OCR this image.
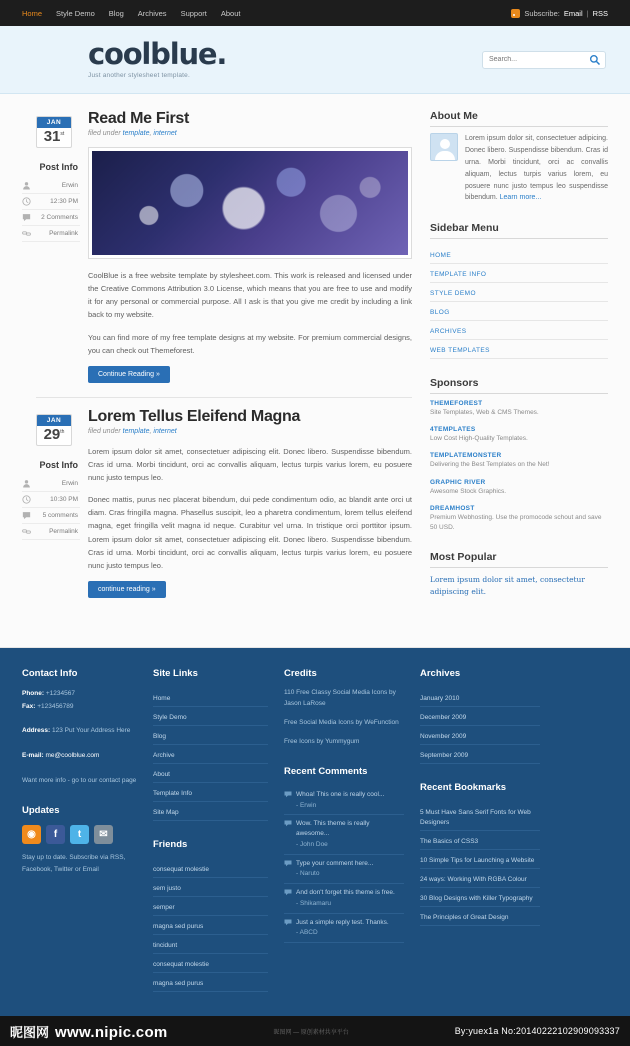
Home Style Demo Blog Archives Support About	Subscribe: Email | RSS
coolblue.
Just another stylesheet template.
Search...
JAN
31st
Post Info
Erwin
12:30 PM
2 Comments
Permalink
Read Me First
filed under template, internet

CoolBlue is a free website template by stylesheet.com. This work is released and licensed under the Creative Commons Attribution 3.0 License, which means that you are free to use and modify it for any personal or commercial purpose. All I ask is that you give me credit by including a link back to my website.

You can find more of my free template designs at my website. For premium commercial designs, you can check out Themeforest.

Continue Reading »
JAN
29th
Post Info
Erwin
10:30 PM
5 comments
Permalink
Lorem Tellus Eleifend Magna
filed under template, internet

Lorem ipsum dolor sit amet, consectetuer adipiscing elit. Donec libero. Suspendisse bibendum. Cras id urna. Morbi tincidunt, orci ac convallis aliquam, lectus turpis varius lorem, eu posuere nunc justo tempus leo.

Donec mattis, purus nec placerat bibendum, dui pede condimentum odio, ac blandit ante orci ut diam. Cras fringilla magna. Phasellus suscipit, leo a pharetra condimentum, lorem tellus eleifend magna, eget fringilla velit magna id neque. Curabitur vel urna. In tristique orci porttitor ipsum. Lorem ipsum dolor sit amet, consectetuer adipiscing elit. Donec libero. Suspendisse bibendum. Cras id urna. Morbi tincidunt, orci ac convallis aliquam, lectus turpis varius lorem, eu posuere nunc justo tempus leo.

continue reading »
About Me
Lorem ipsum dolor sit, consectetuer adipicing. Donec libero. Suspendisse bibendum. Cras id urna. Morbi tincidunt, orci ac convallis aliquam, lectus turpis varius lorem, eu posuere nunc justo tempus leo suspendisse bibendum. Learn more...
Sidebar Menu
HOME
TEMPLATE INFO
STYLE DEMO
BLOG
ARCHIVES
WEB TEMPLATES
Sponsors
THEMEFOREST
Site Templates, Web & CMS Themes.
4TEMPLATES
Low Cost High-Quality Templates.
TEMPLATEMONSTER
Delivering the Best Templates on the Net!
GRAPHIC RIVER
Awesome Stock Graphics.
DREAMHOST
Premium Webhosting. Use the promocode schout and save 50 USD.
Most Popular
Lorem ipsum dolor sit amet, consectetur adipiscing elit.
Contact Info
Phone: +1234567
Fax: +123456789

Address: 123 Put Your Address Here

E-mail: me@coolblue.com

Want more info - go to our contact page
Updates
◉	f	t	✉
Stay up to date. Subscribe via RSS, Facebook, Twitter or Email
Site Links
Home
Style Demo
Blog
Archive
About
Template Info
Site Map
Friends
consequat molestie
sem justo
semper
magna sed purus
tincidunt
consequat molestie
magna sed purus
Credits
110 Free Classy Social Media Icons by Jason LaRose
Free Social Media Icons by WeFunction
Free Icons by Yummygum
Recent Comments
Whoa! This one is really cool...
- Erwin
Wow. This theme is really awesome...
- John Doe
Type your comment here...
- Naruto
And don't forget this theme is free.
- Shikamaru
Just a simple reply test. Thanks.
- ABCD
Archives
January 2010
December 2009
November 2009
September 2009
Recent Bookmarks
5 Must Have Sans Serif Fonts for Web Designers
The Basics of CSS3
10 Simple Tips for Launching a Website
24 ways: Working With RGBA Colour
30 Blog Designs with Killer Typography
The Principles of Great Design
昵图网 www.nipic.com	昵图网 — 原创素材共享平台	By:yuex1a No:20140222102909093337
